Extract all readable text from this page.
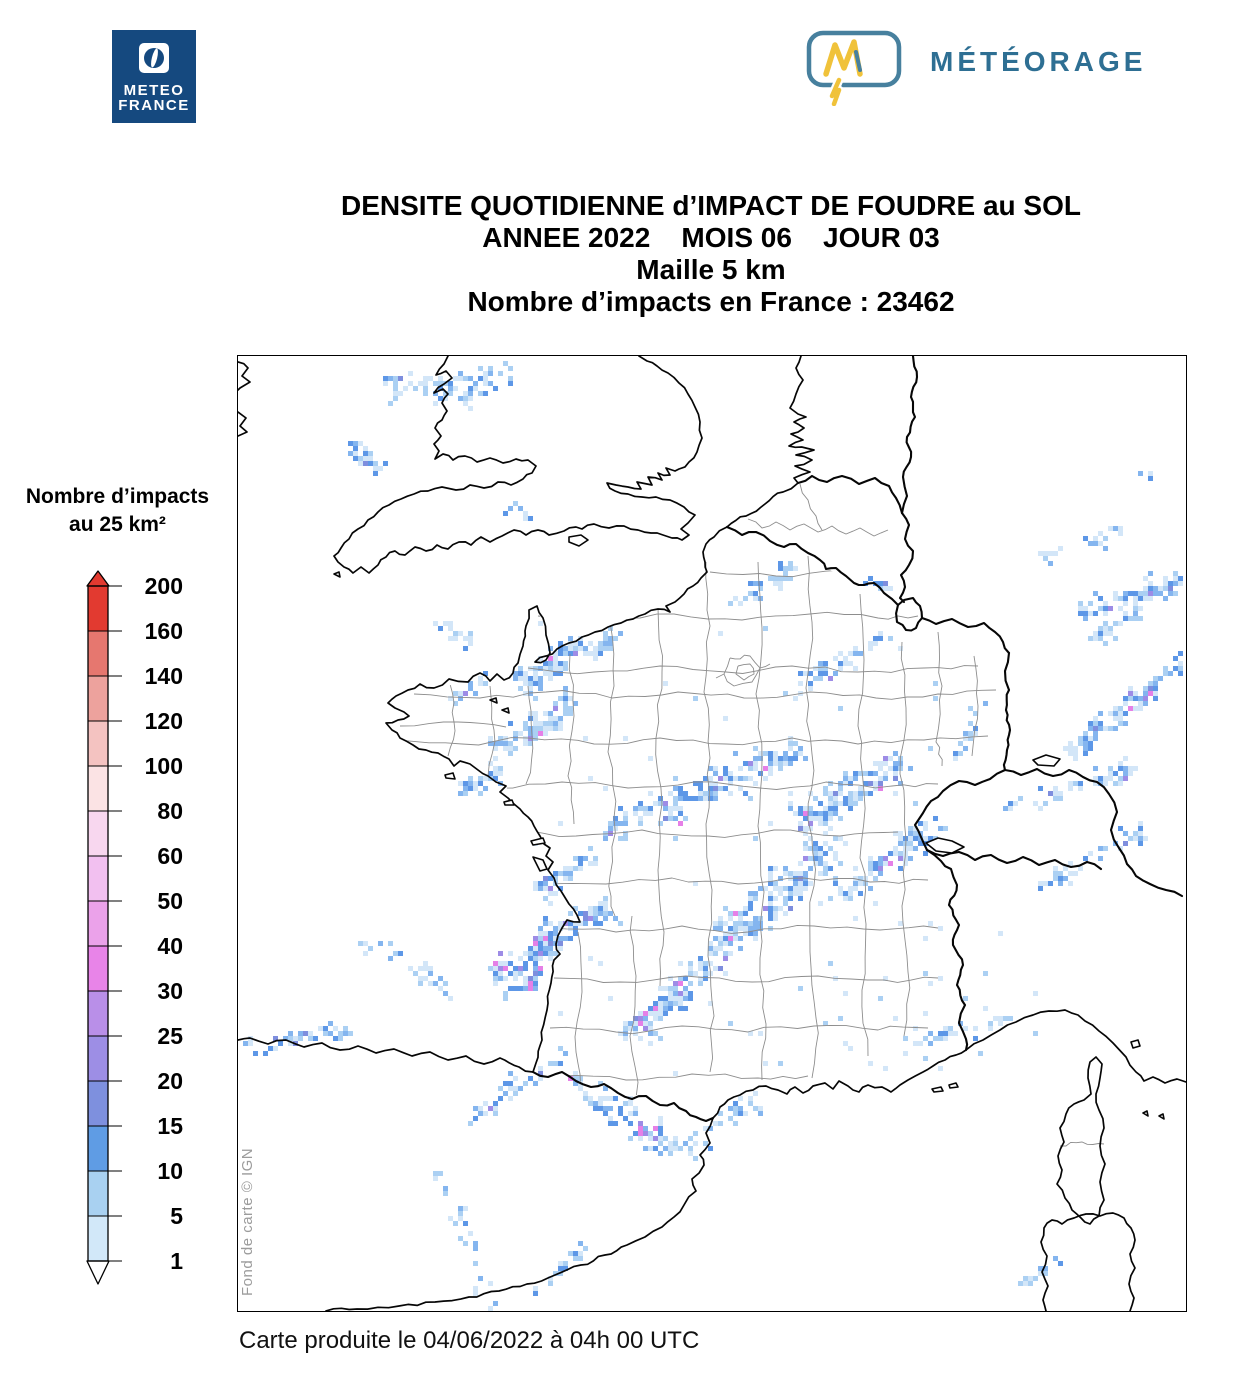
METEO
FRANCE
MÉTÉORAGE
DENSITE QUOTIDIENNE d’IMPACT DE FOUDRE au SOL
ANNEE 2022    MOIS 06    JOUR 03
Maille 5 km
Nombre d’impacts en France : 23462
Nombre d’impacts
au 25 km²
200
160
140
120
100
80
60
50
40
30
25
20
15
10
5
1	Fond de carte © IGN
Carte produite le 04/06/2022 à 04h 00 UTC
